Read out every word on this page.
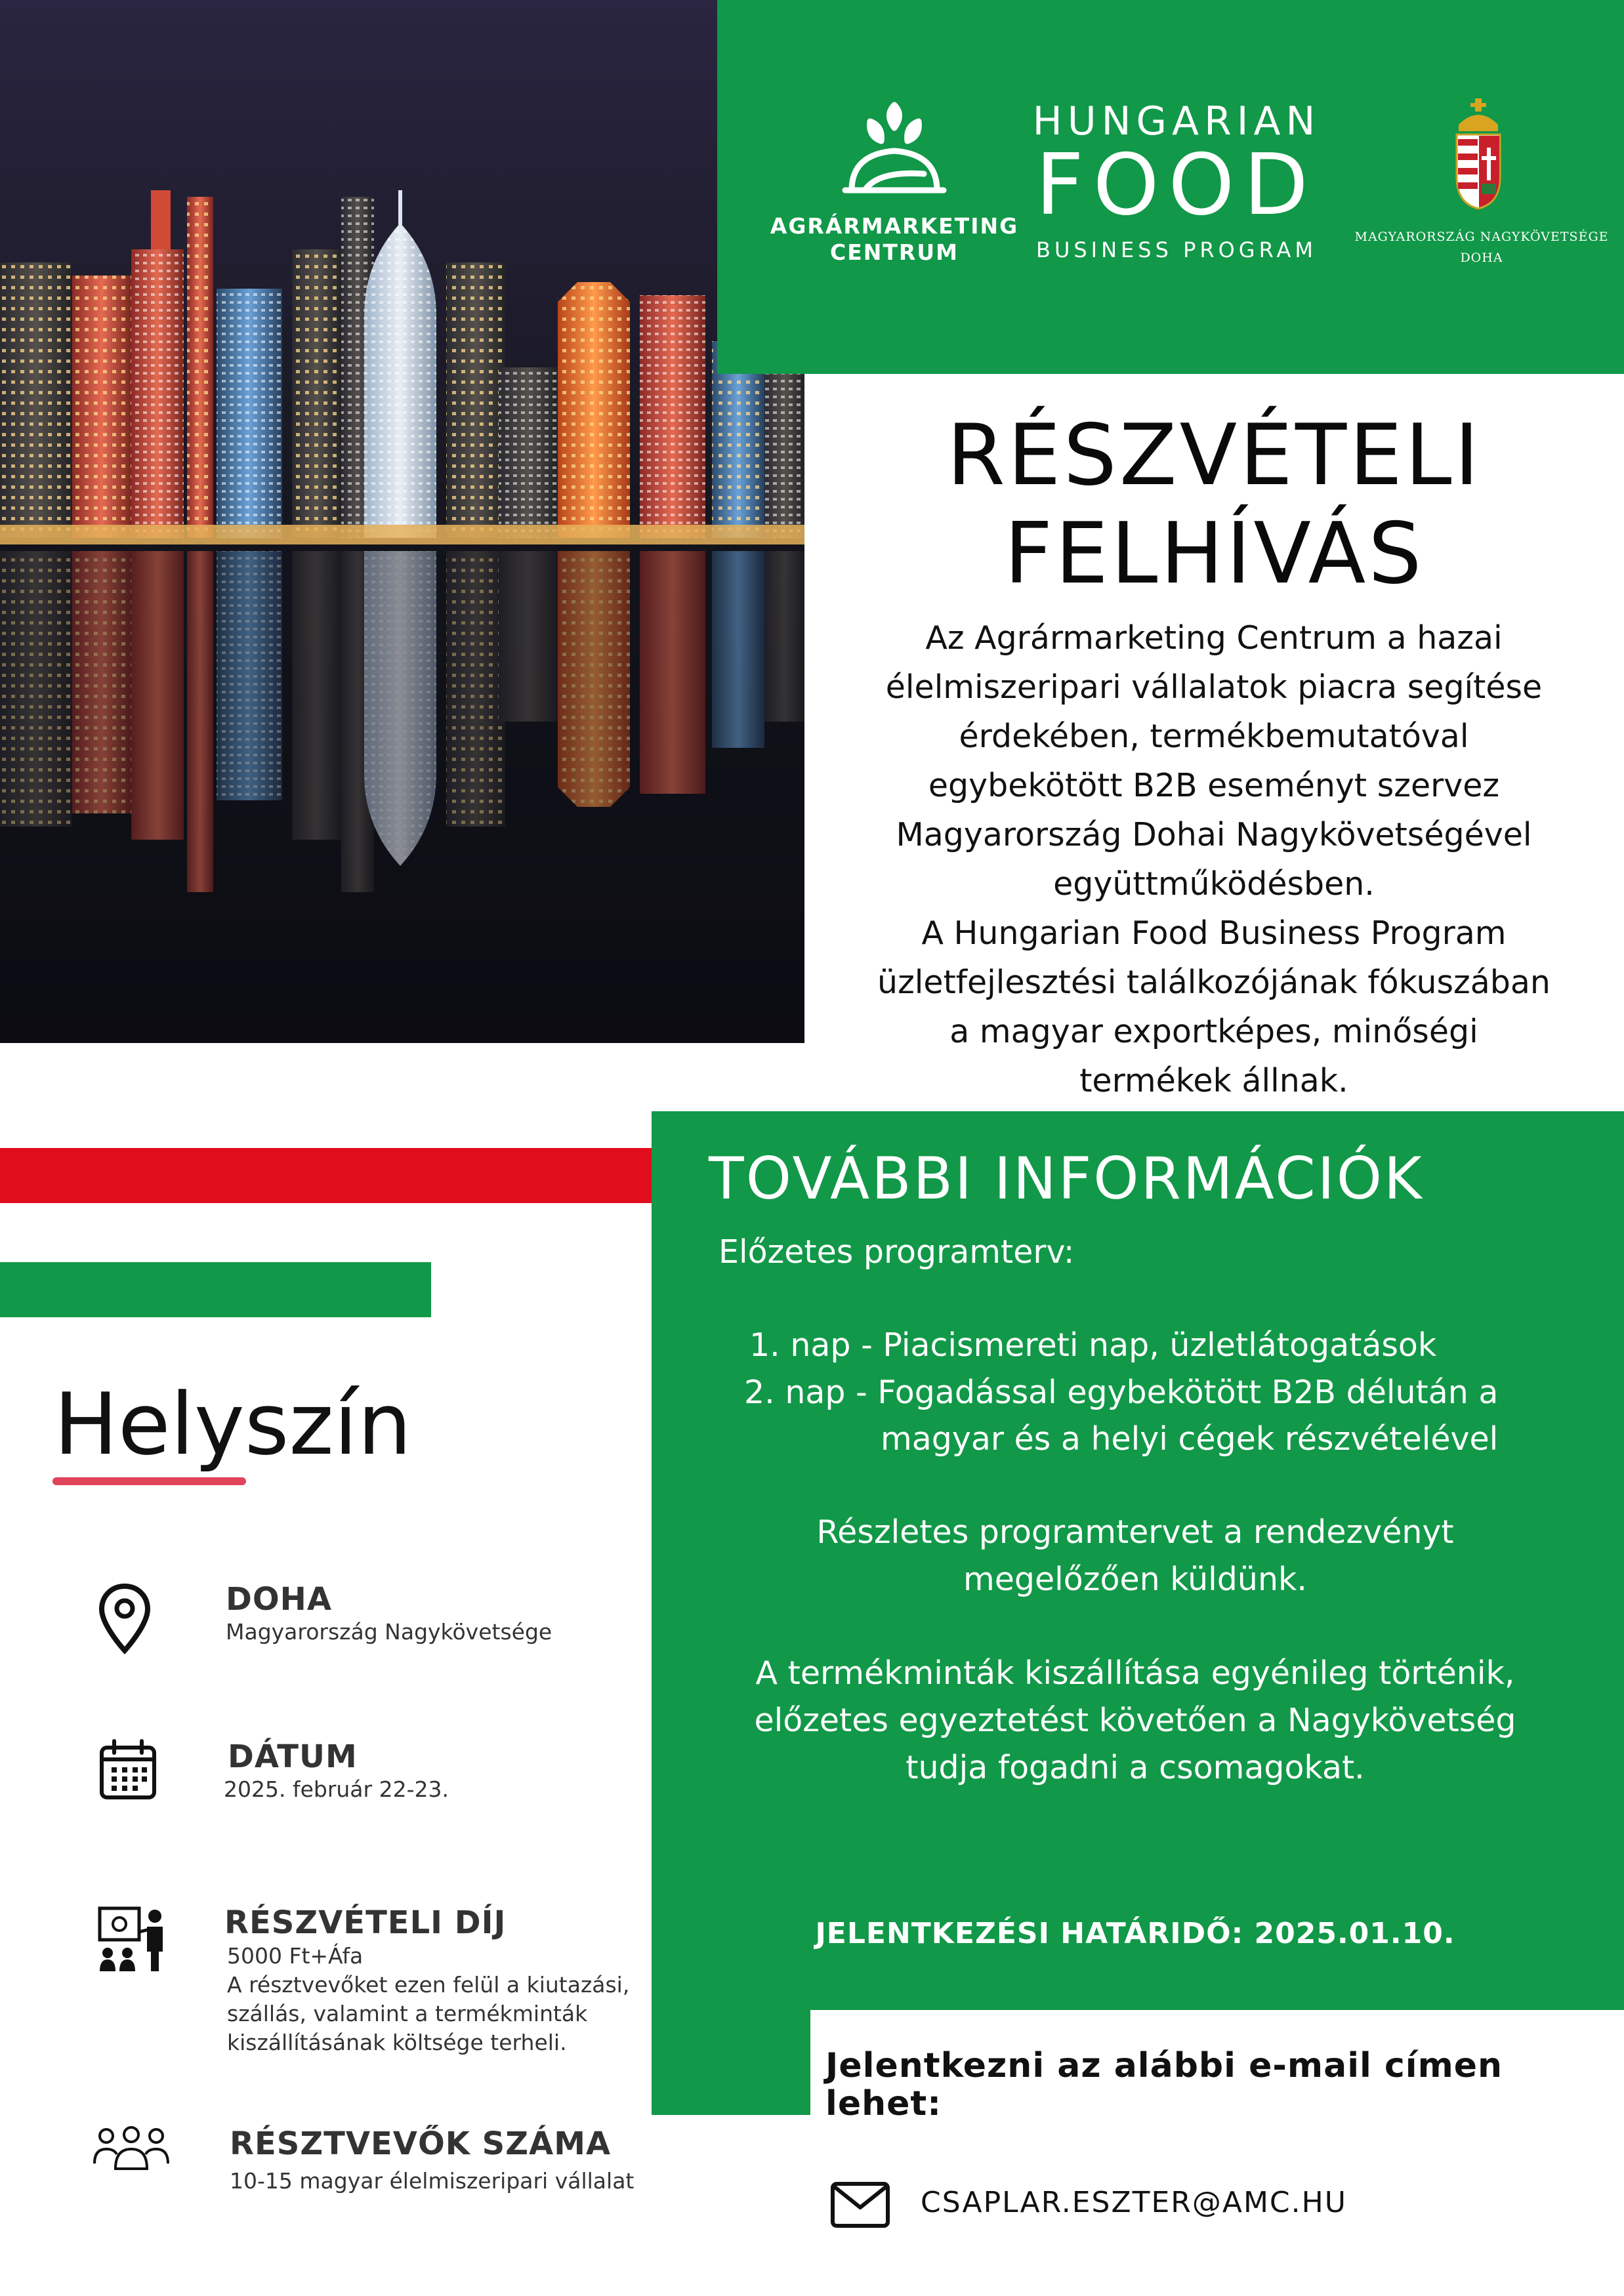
AGRÁRMARKETING
CENTRUM
HUNGARIAN
FOOD
BUSINESS PROGRAM
MAGYARORSZÁG NAGYKÖVETSÉGE
DOHA
RÉSZVÉTELI
FELHÍVÁS
Az Agrármarketing Centrum a hazai
élelmiszeripari vállalatok piacra segítése
érdekében, termékbemutatóval
egybekötött B2B eseményt szervez
Magyarország Dohai Nagykövetségével
együttműködésben.
A Hungarian Food Business Program
üzletfejlesztési találkozójának fókuszában
a magyar exportképes, minőségi
termékek állnak.
TOVÁBBI INFORMÁCIÓK
Előzetes programterv:
1. nap - Piacismereti nap, üzletlátogatások
2. nap - Fogadással egybekötött B2B délután a
magyar és a helyi cégek részvételével
Részletes programtervet a rendezvényt
megelőzően küldünk.
A termékminták kiszállítása egyénileg történik,
előzetes egyeztetést követően a Nagykövetség
tudja fogadni a csomagokat.
JELENTKEZÉSI HATÁRIDŐ: 2025.01.10.
Helyszín
DOHA
Magyarország Nagykövetsége
DÁTUM
2025. február 22-23.
RÉSZVÉTELI DÍJ
5000 Ft+Áfa
A résztvevőket ezen felül a kiutazási,
szállás, valamint a termékminták
kiszállításának költsége terheli.
RÉSZTVEVŐK SZÁMA
10-15 magyar élelmiszeripari vállalat
Jelentkezni az alábbi e-mail címen
lehet:
CSAPLAR.ESZTER@AMC.HU
